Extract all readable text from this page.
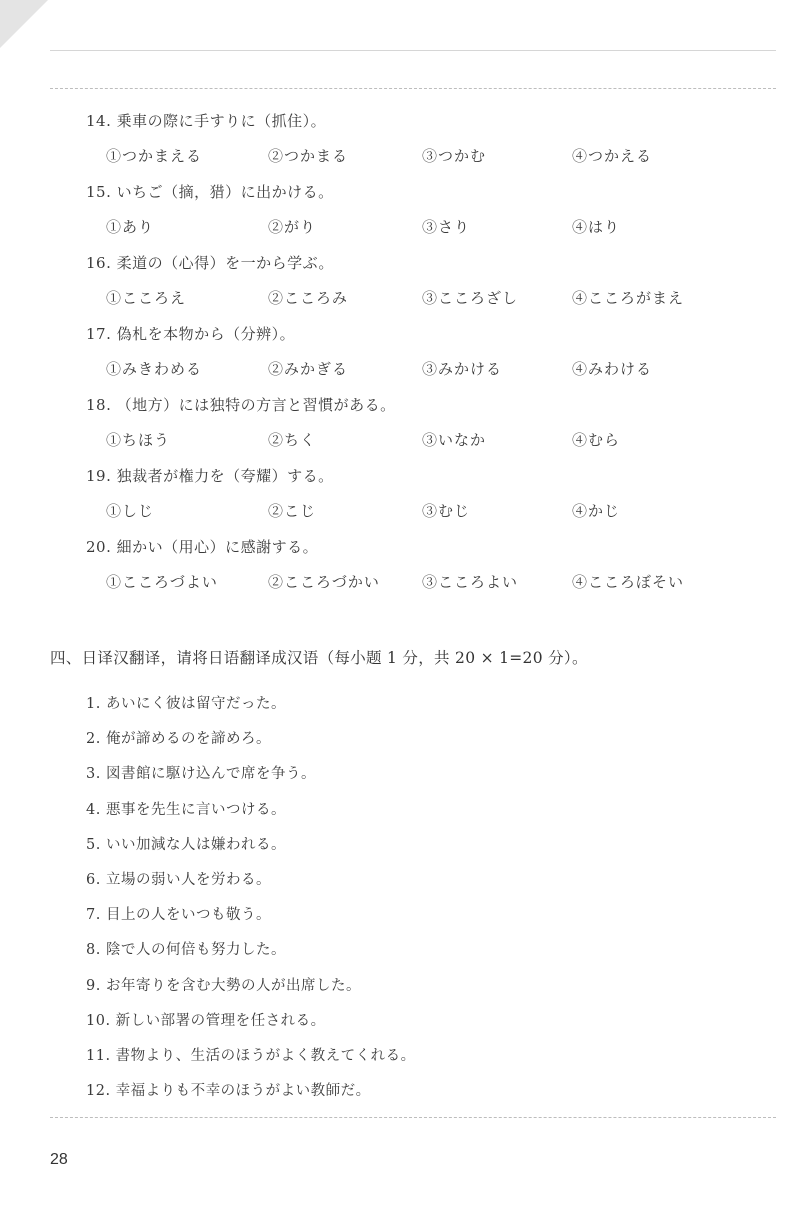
14. 乗車の際に手すりに（抓住）。
①つかまえる	②つかまる	③つかむ	④つかえる
15. いちご（摘，猎）に出かける。
①あり	②がり	③さり	④はり
16. 柔道の（心得）を一から学ぶ。
①こころえ	②こころみ	③こころざし	④こころがまえ
17. 偽札を本物から（分辨）。
①みきわめる	②みかぎる	③みかける	④みわける
18. （地方）には独特の方言と習慣がある。
①ちほう	②ちく	③いなか	④むら
19. 独裁者が権力を（夸耀）する。
①しじ	②こじ	③むじ	④かじ
20. 細かい（用心）に感謝する。
①こころづよい	②こころづかい	③こころよい	④こころぼそい
四、日译汉翻译，请将日语翻译成汉语（每小题 1 分，共 20 × 1=20 分）。
1. あいにく彼は留守だった。
2. 俺が諦めるのを諦めろ。
3. 図書館に駆け込んで席を争う。
4. 悪事を先生に言いつける。
5. いい加減な人は嫌われる。
6. 立場の弱い人を労わる。
7. 目上の人をいつも敬う。
8. 陰で人の何倍も努力した。
9. お年寄りを含む大勢の人が出席した。
10. 新しい部署の管理を任される。
11. 書物より、生活のほうがよく教えてくれる。
12. 幸福よりも不幸のほうがよい教師だ。
28
